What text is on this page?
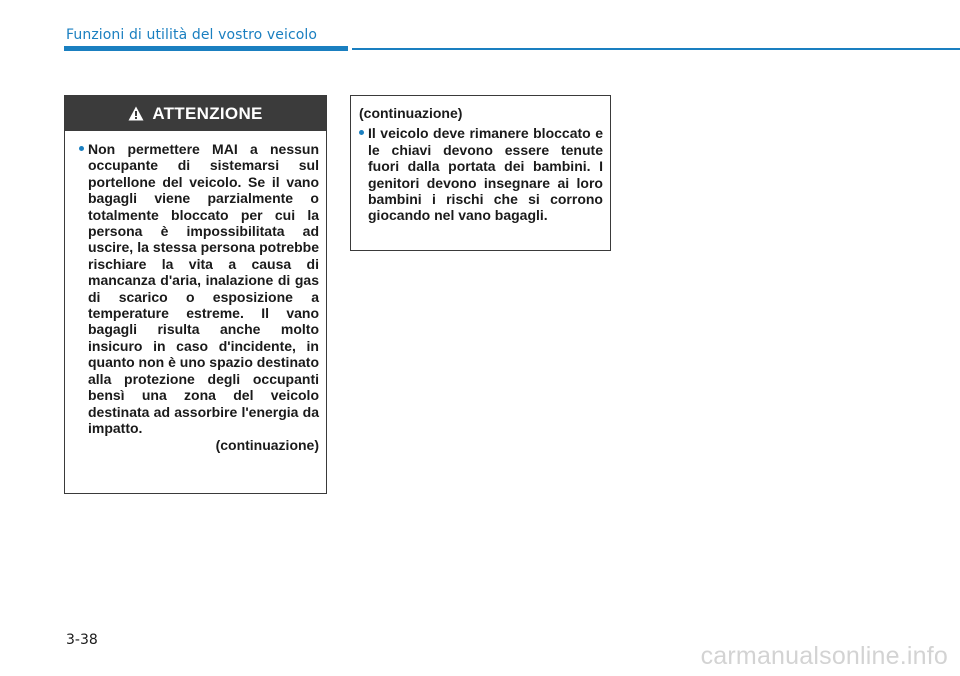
Funzioni di utilità del vostro veicolo
ATTENZIONE
Non permettere MAI a nessun occupante di sistemarsi sul portellone del veicolo. Se il vano bagagli viene parzialmente o totalmente bloccato per cui la persona è impossibilitata ad uscire, la stessa persona potrebbe rischiare la vita a causa di mancanza d'aria, inalazione di gas di scarico o esposizione a temperature estreme. Il vano bagagli risulta anche molto insicuro in caso d'incidente, in quanto non è uno spazio destinato alla protezione degli occupanti bensì una zona del veicolo destinata ad assorbire l'energia da impatto.
(continuazione)
(continuazione)
Il veicolo deve rimanere bloccato e le chiavi devono essere tenute fuori dalla portata dei bambini. I genitori devono insegnare ai loro bambini i rischi che si corrono giocando nel vano bagagli.
3-38
carmanualsonline.info
